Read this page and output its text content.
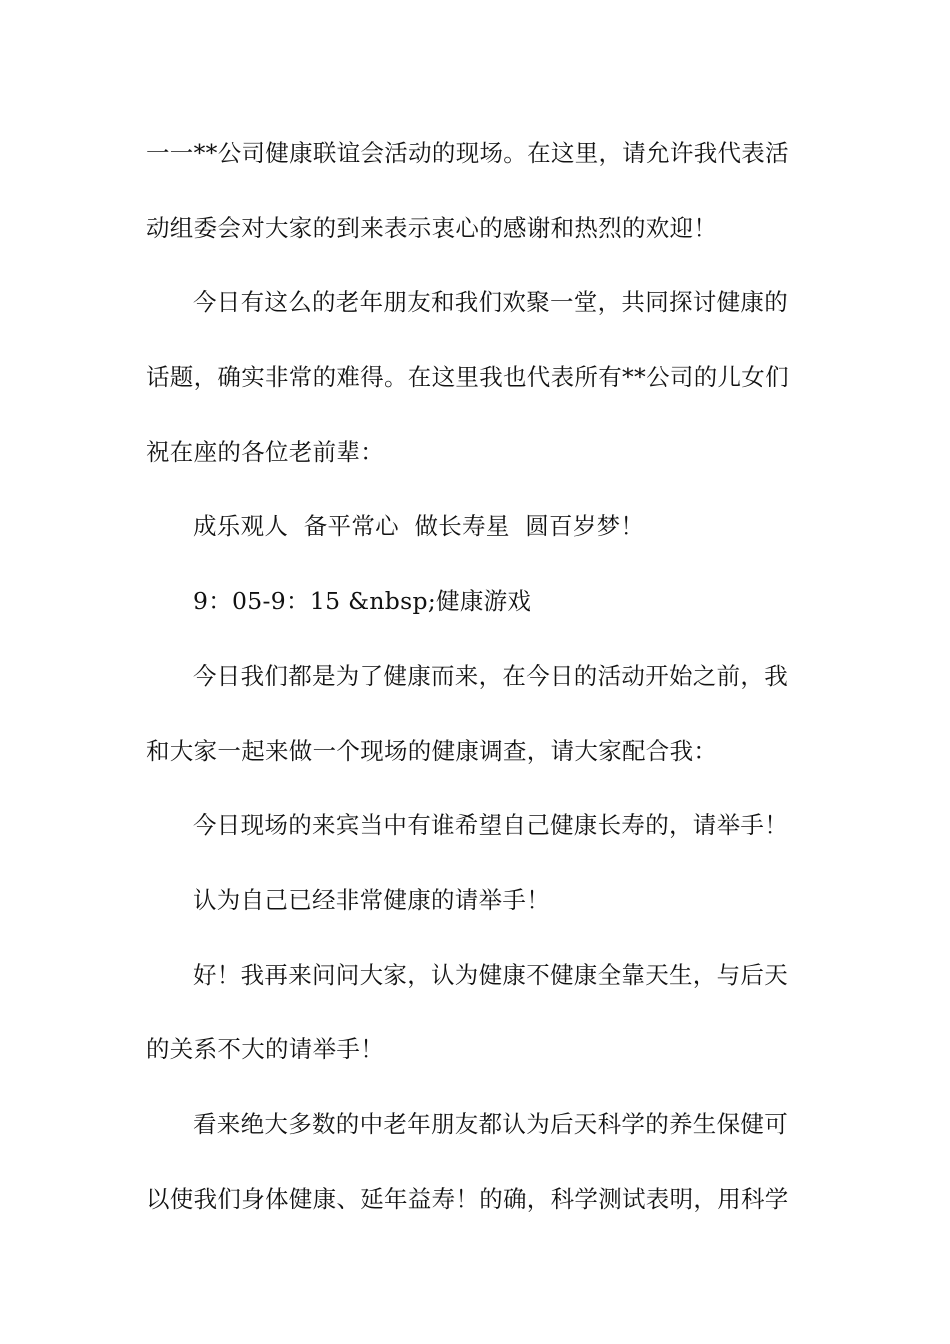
一一**公司健康联谊会活动的现场。在这里，请允许我代表活
动组委会对大家的到来表示衷心的感谢和热烈的欢迎！
今日有这么的老年朋友和我们欢聚一堂，共同探讨健康的
话题，确实非常的难得。在这里我也代表所有**公司的儿女们
祝在座的各位老前辈：
成乐观人  备平常心  做长寿星  圆百岁梦！
9：05-9：15 &nbsp;健康游戏
今日我们都是为了健康而来，在今日的活动开始之前，我
和大家一起来做一个现场的健康调查，请大家配合我：
今日现场的来宾当中有谁希望自己健康长寿的，请举手！
认为自己已经非常健康的请举手！
好！我再来问问大家，认为健康不健康全靠天生，与后天
的关系不大的请举手！
看来绝大多数的中老年朋友都认为后天科学的养生保健可
以使我们身体健康、延年益寿！的确，科学测试表明，用科学
